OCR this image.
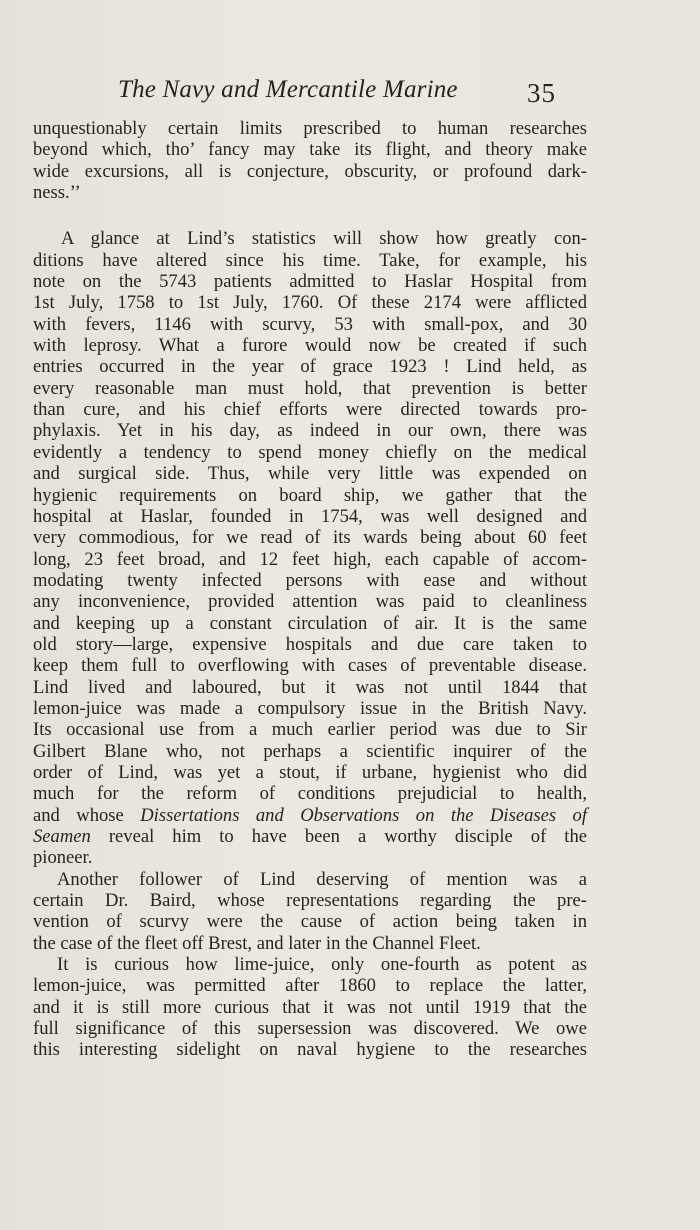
The Navy and Mercantile Marine	35
unquestionably certain limits prescribed to human researches
beyond which, tho’ fancy may take its flight, and theory make
wide excursions, all is conjecture, obscurity, or profound dark-
ness.’’
A glance at Lind’s statistics will show how greatly con-
ditions have altered since his time. Take, for example, his
note on the 5743 patients admitted to Haslar Hospital from
1st July, 1758 to 1st July, 1760. Of these 2174 were afflicted
with fevers, 1146 with scurvy, 53 with small-pox, and 30
with leprosy. What a furore would now be created if such
entries occurred in the year of grace 1923 ! Lind held, as
every reasonable man must hold, that prevention is better
than cure, and his chief efforts were directed towards pro-
phylaxis. Yet in his day, as indeed in our own, there was
evidently a tendency to spend money chiefly on the medical
and surgical side. Thus, while very little was expended on
hygienic requirements on board ship, we gather that the
hospital at Haslar, founded in 1754, was well designed and
very commodious, for we read of its wards being about 60 feet
long, 23 feet broad, and 12 feet high, each capable of accom-
modating twenty infected persons with ease and without
any inconvenience, provided attention was paid to cleanliness
and keeping up a constant circulation of air. It is the same
old story—large, expensive hospitals and due care taken to
keep them full to overflowing with cases of preventable disease.
Lind lived and laboured, but it was not until 1844 that
lemon-juice was made a compulsory issue in the British Navy.
Its occasional use from a much earlier period was due to Sir
Gilbert Blane who, not perhaps a scientific inquirer of the
order of Lind, was yet a stout, if urbane, hygienist who did
much for the reform of conditions prejudicial to health,
and whose Dissertations and Observations on the Diseases of
Seamen reveal him to have been a worthy disciple of the
pioneer.
Another follower of Lind deserving of mention was a
certain Dr. Baird, whose representations regarding the pre-
vention of scurvy were the cause of action being taken in
the case of the fleet off Brest, and later in the Channel Fleet.
It is curious how lime-juice, only one-fourth as potent as
lemon-juice, was permitted after 1860 to replace the latter,
and it is still more curious that it was not until 1919 that the
full significance of this supersession was discovered. We owe
this interesting sidelight on naval hygiene to the researches
